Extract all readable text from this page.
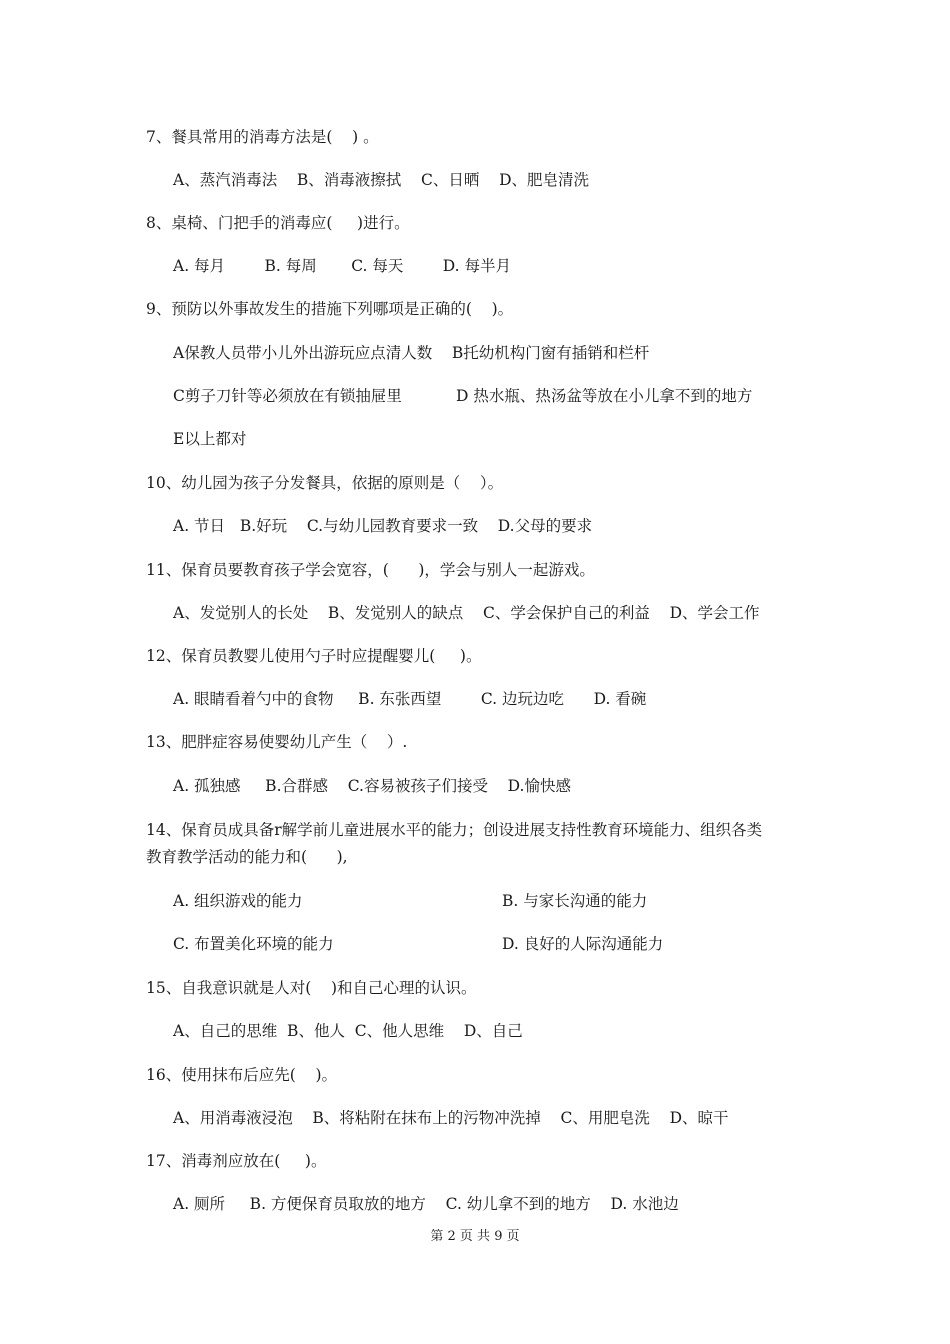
7、餐具常用的消毒方法是(    ) 。
A、蒸汽消毒法    B、消毒液擦拭    C、日晒    D、肥皂清洗
8、桌椅、门把手的消毒应(     )进行。
A. 每月        B. 每周       C. 每天        D. 每半月
9、预防以外事故发生的措施下列哪项是正确的(    )。
A保教人员带小儿外出游玩应点清人数    B托幼机构门窗有插销和栏杆
C剪子刀针等必须放在有锁抽屉里           D 热水瓶、热汤盆等放在小儿拿不到的地方
E以上都对
10、幼儿园为孩子分发餐具，依据的原则是（    ）。
A. 节日   B.好玩    C.与幼儿园教育要求一致    D.父母的要求
11、保育员要教育孩子学会宽容，(      )，学会与别人一起游戏。
A、发觉别人的长处    B、发觉别人的缺点    C、学会保护自己的利益    D、学会工作
12、保育员教婴儿使用勺子时应提醒婴儿(     )。
A. 眼睛看着勺中的食物     B. 东张西望        C. 边玩边吃      D. 看碗
13、肥胖症容易使婴幼儿产生（    ）.
A. 孤独感     B.合群感    C.容易被孩子们接受    D.愉快感
14、保育员成具备r解学前儿童进展水平的能力；创设进展支持性教育环境能力、组织各类
教育教学活动的能力和(      ),
A. 组织游戏的能力	B. 与家长沟通的能力
C. 布置美化环境的能力	D. 良好的人际沟通能力
15、自我意识就是人对(    )和自己心理的认识。
A、自己的思维  B、他人  C、他人思维    D、自己
16、使用抹布后应先(    )。
A、用消毒液浸泡    B、将粘附在抹布上的污物冲洗掉    C、用肥皂洗    D、晾干
17、消毒剂应放在(     )。
A. 厕所     B. 方便保育员取放的地方    C. 幼儿拿不到的地方    D. 水池边
第 2 页 共 9 页
